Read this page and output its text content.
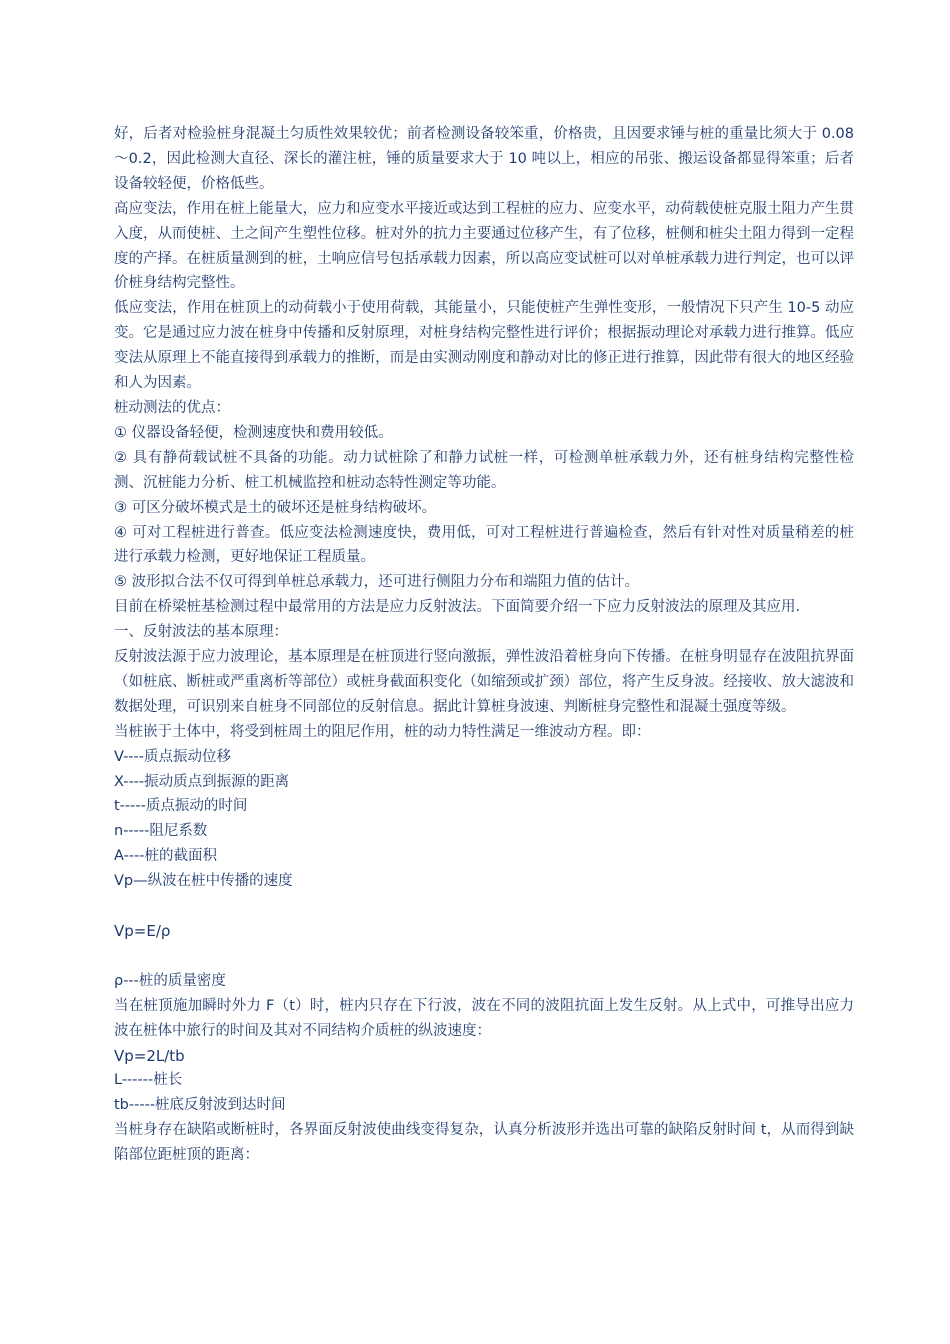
好，后者对检验桩身混凝土匀质性效果较优；前者检测设备较笨重，价格贵，且因要求锤与桩的重量比须大于 0.08～0.2，因此检测大直径、深长的灌注桩，锤的质量要求大于 10 吨以上，相应的吊张、搬运设备都显得笨重；后者设备较轻便，价格低些。

高应变法，作用在桩上能量大，应力和应变水平接近或达到工程桩的应力、应变水平，动荷载使桩克服土阻力产生贯入度，从而使桩、土之间产生塑性位移。桩对外的抗力主要通过位移产生，有了位移，桩侧和桩尖土阻力得到一定程度的产择。在桩质量测到的桩，土响应信号包括承载力因素，所以高应变试桩可以对单桩承载力进行判定，也可以评价桩身结构完整性。

低应变法，作用在桩顶上的动荷载小于使用荷载，其能量小，只能使桩产生弹性变形，一般情况下只产生 10-5 动应变。它是通过应力波在桩身中传播和反射原理，对桩身结构完整性进行评价；根据振动理论对承载力进行推算。低应变法从原理上不能直接得到承载力的推断，而是由实测动刚度和静动对比的修正进行推算，因此带有很大的地区经验和人为因素。

桩动测法的优点：

① 仪器设备轻便，检测速度快和费用较低。

② 具有静荷载试桩不具备的功能。动力试桩除了和静力试桩一样，可检测单桩承载力外，还有桩身结构完整性检测、沉桩能力分析、桩工机械监控和桩动态特性测定等功能。

③ 可区分破坏模式是土的破坏还是桩身结构破坏。

④ 可对工程桩进行普查。低应变法检测速度快，费用低，可对工程桩进行普遍检查，然后有针对性对质量稍差的桩进行承载力检测，更好地保证工程质量。

⑤ 波形拟合法不仅可得到单桩总承载力，还可进行侧阻力分布和端阻力值的估计。

目前在桥梁桩基检测过程中最常用的方法是应力反射波法。下面简要介绍一下应力反射波法的原理及其应用.

一、反射波法的基本原理：

反射波法源于应力波理论，基本原理是在桩顶进行竖向激振，弹性波沿着桩身向下传播。在桩身明显存在波阻抗界面（如桩底、断桩或严重离析等部位）或桩身截面积变化（如缩颈或扩颈）部位，将产生反身波。经接收、放大滤波和数据处理，可识别来自桩身不同部位的反射信息。据此计算桩身波速、判断桩身完整性和混凝土强度等级。

当桩嵌于土体中，将受到桩周土的阻尼作用，桩的动力特性满足一维波动方程。即：

V----质点振动位移

X----振动质点到振源的距离

t-----质点振动的时间

n-----阻尼系数

A----桩的截面积

Vp—纵波在桩中传播的速度

Vp=E/ρ

ρ---桩的质量密度

当在桩顶施加瞬时外力 F（t）时，桩内只存在下行波，波在不同的波阻抗面上发生反射。从上式中，可推导出应力波在桩体中旅行的时间及其对不同结构介质桩的纵波速度：

Vp=2L/tb

L------桩长

tb-----桩底反射波到达时间

当桩身存在缺陷或断桩时，各界面反射波使曲线变得复杂，认真分析波形并选出可靠的缺陷反射时间 t，从而得到缺陷部位距桩顶的距离：
